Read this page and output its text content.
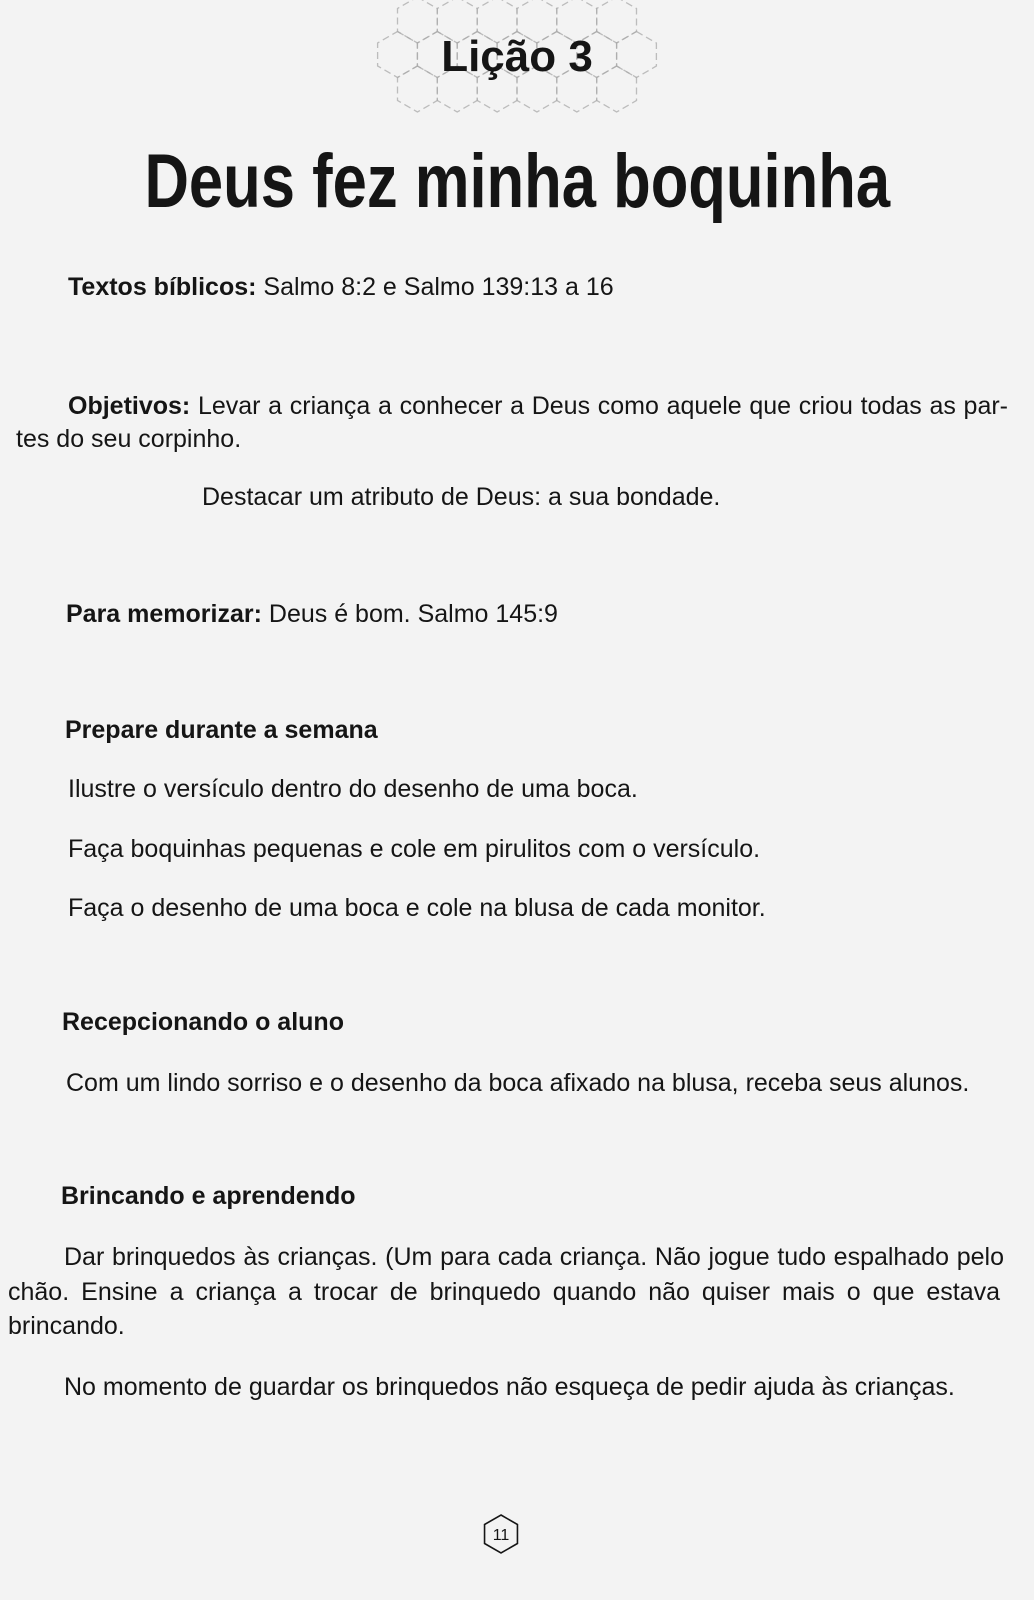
Lição 3
Deus fez minha boquinha
Textos bíblicos: Salmo 8:2 e Salmo 139:13 a 16
Objetivos: Levar a criança a conhecer a Deus como aquele que criou todas as par-
tes do seu corpinho.
Destacar um atributo de Deus: a sua bondade.
Para memorizar: Deus é bom. Salmo 145:9
Prepare durante a semana
Ilustre o versículo dentro do desenho de uma boca.
Faça boquinhas pequenas e cole em pirulitos com o versículo.
Faça o desenho de uma boca e cole na blusa de cada monitor.
Recepcionando o aluno
Com um lindo sorriso e o desenho da boca afixado na blusa, receba seus alunos.
Brincando e aprendendo
Dar brinquedos às crianças. (Um para cada criança. Não jogue tudo espalhado pelo
chão. Ensine a criança a trocar de brinquedo quando não quiser mais o que estava
brincando.
No momento de guardar os brinquedos não esqueça de pedir ajuda às crianças.
11
